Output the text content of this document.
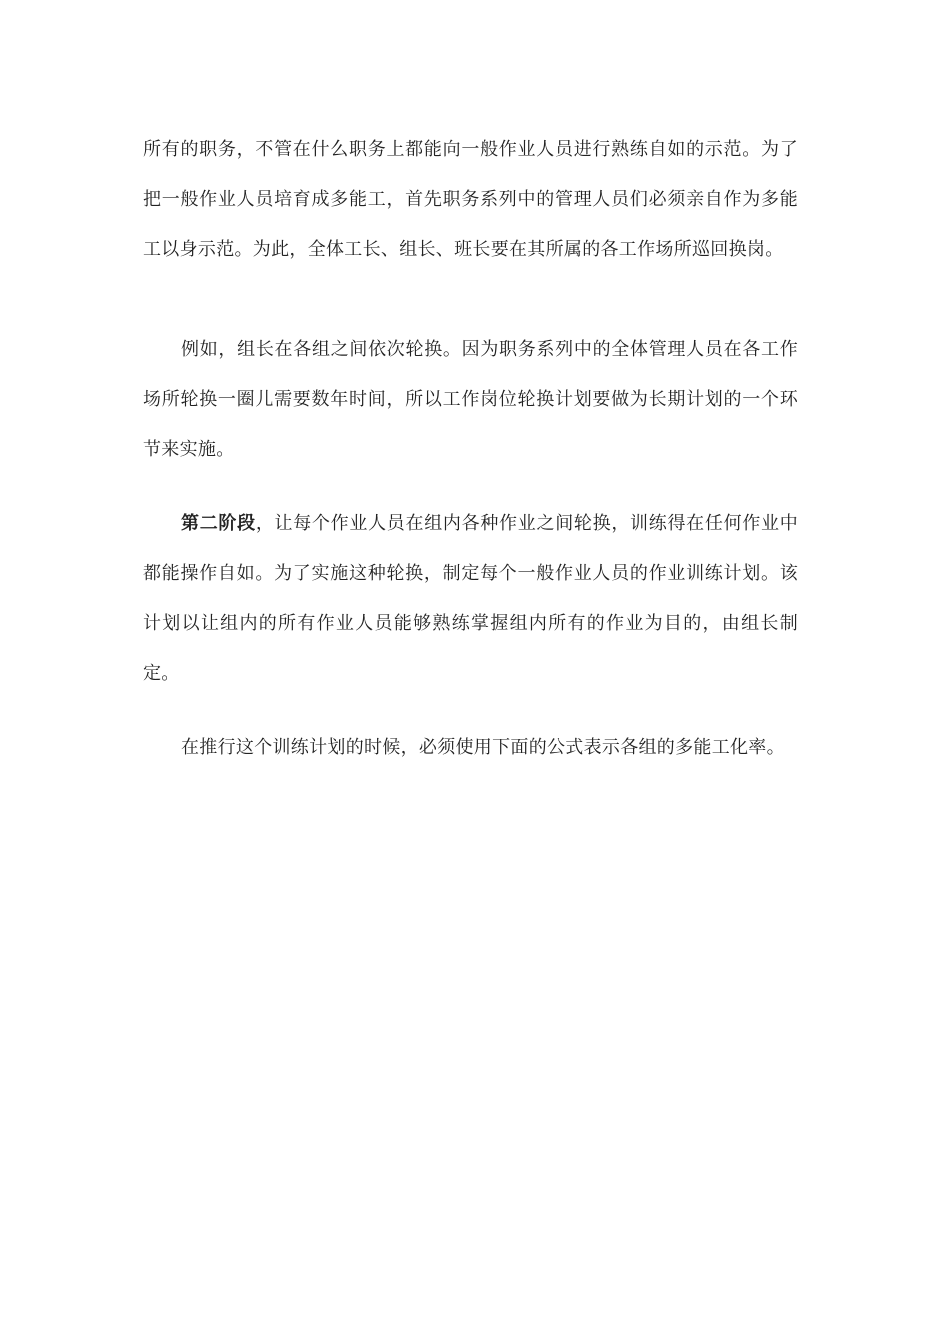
所有的职务，不管在什么职务上都能向一般作业人员进行熟练自如的示范。为了把一般作业人员培育成多能工，首先职务系列中的管理人员们必须亲自作为多能工以身示范。为此，全体工长、组长、班长要在其所属的各工作场所巡回换岗。

例如，组长在各组之间依次轮换。因为职务系列中的全体管理人员在各工作场所轮换一圈儿需要数年时间，所以工作岗位轮换计划要做为长期计划的一个环节来实施。

第二阶段，让每个作业人员在组内各种作业之间轮换，训练得在任何作业中都能操作自如。为了实施这种轮换，制定每个一般作业人员的作业训练计划。该计划以让组内的所有作业人员能够熟练掌握组内所有的作业为目的，由组长制定。

在推行这个训练计划的时候，必须使用下面的公式表示各组的多能工化率。
